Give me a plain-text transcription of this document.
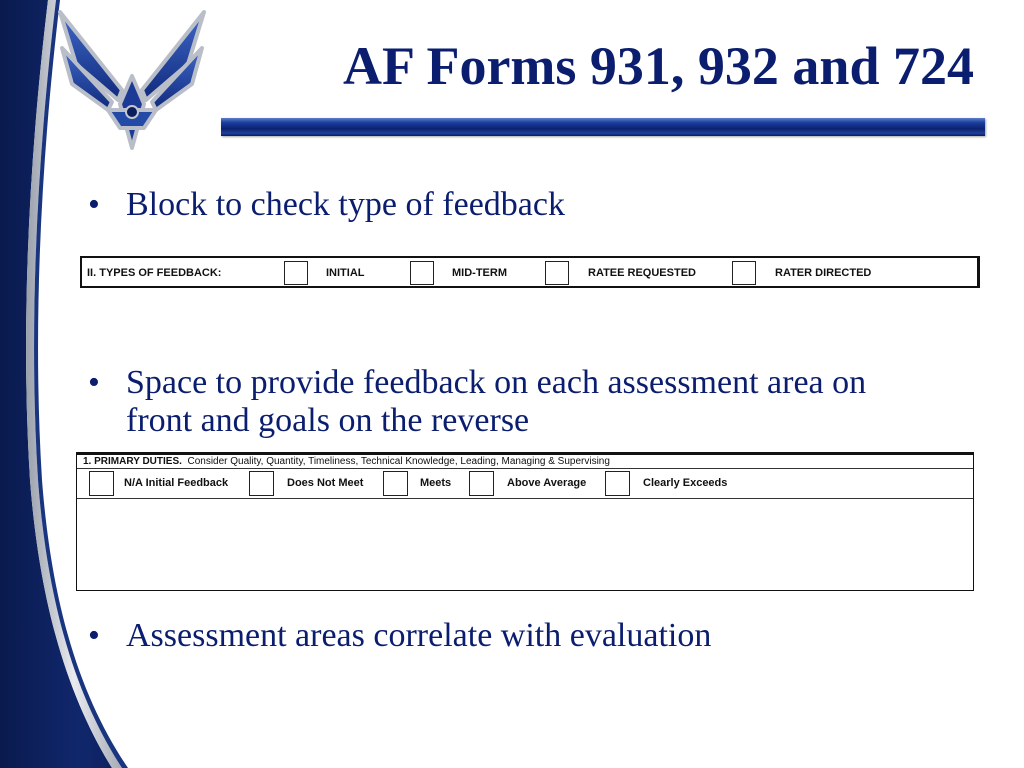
AF Forms 931, 932 and 724
• Block to check type of feedback
II. TYPES OF FEEDBACK:	INITIAL	MID-TERM	RATEE REQUESTED	RATER DIRECTED
• Space to provide feedback on each assessment area on front and goals on the reverse
1. PRIMARY DUTIES. Consider Quality, Quantity, Timeliness, Technical Knowledge, Leading, Managing & Supervising
N/A Initial Feedback	Does Not Meet	Meets	Above Average	Clearly Exceeds
• Assessment areas correlate with evaluation
